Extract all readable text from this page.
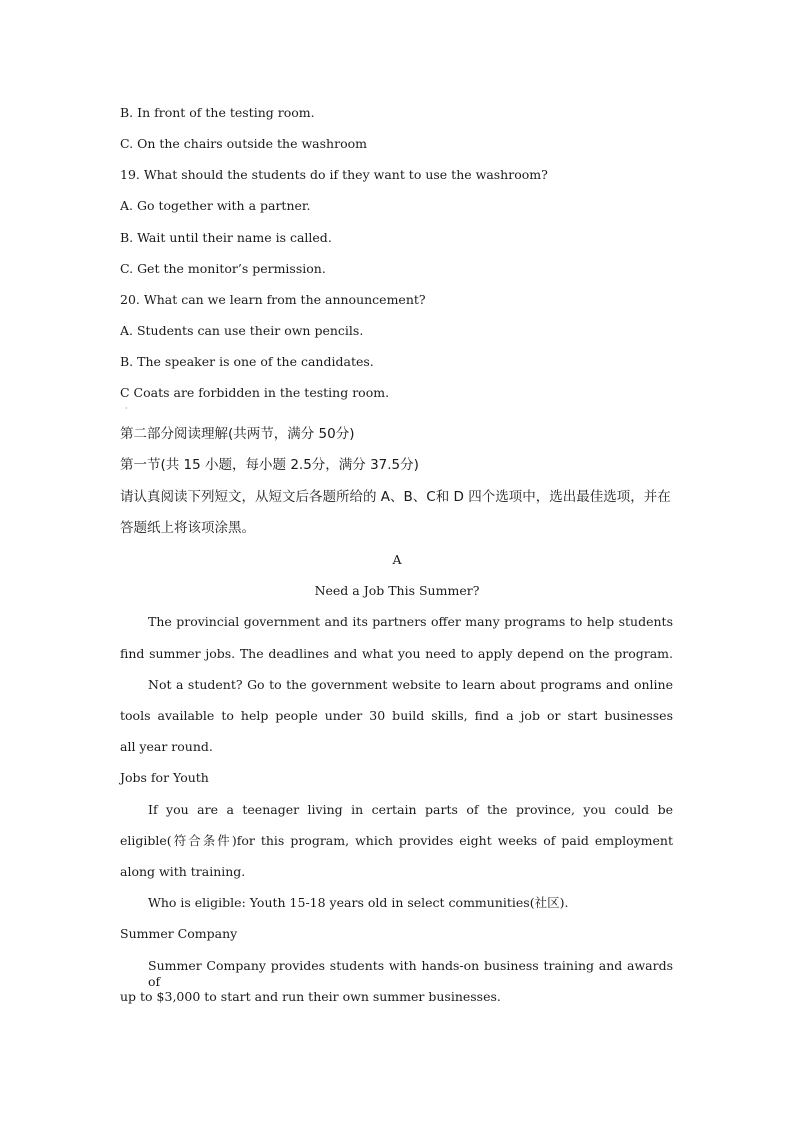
B. In front of the testing room.
C. On the chairs outside the washroom
19. What should the students do if they want to use the washroom?
A. Go together with a partner.
B. Wait until their name is called.
C. Get the monitor’s permission.
20. What can we learn from the announcement?
A. Students can use their own pencils.
B. The speaker is one of the candidates.
C Coats are forbidden in the testing room.
·
第二部分阅读理解(共两节，满分 50分)
第一节(共 15 小题，每小题 2.5分，满分 37.5分)
请认真阅读下列短文，从短文后各题所给的 A、B、C和 D 四个选项中，选出最佳选项，并在
答题纸上将该项涂黑。
A
Need a Job This Summer?
The provincial government and its partners offer many programs to help students
find summer jobs. The deadlines and what you need to apply depend on the program.
Not a student? Go to the government website to learn about programs and online
tools available to help people under 30 build skills, find a job or start businesses
all year round.
Jobs for Youth
If you are a teenager living in certain parts of the province, you could be
eligible(符合条件)for this program, which provides eight weeks of paid employment
along with training.
Who is eligible: Youth 15-18 years old in select communities(社区).
Summer Company
Summer Company provides students with hands-on business training and awards of
up to $3,000 to start and run their own summer businesses.
